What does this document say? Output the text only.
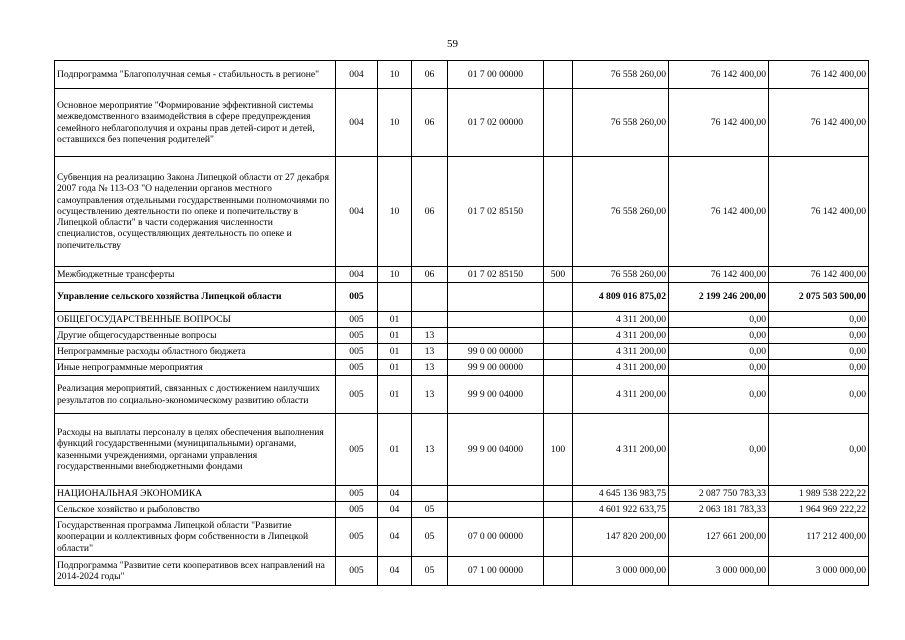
59
Подпрограмма "Благополучная семья - стабильность в регионе"	004	10	06	01 7 00 00000		76 558 260,00	76 142 400,00	76 142 400,00
Основное мероприятие "Формирование эффективной системы межведомственного взаимодействия в сфере предупреждения семейного неблагополучия и охраны прав детей-сирот и детей, оставшихся без попечения родителей"	004	10	06	01 7 02 00000		76 558 260,00	76 142 400,00	76 142 400,00
Субвенция на реализацию Закона Липецкой области от 27 декабря 2007 года № 113-ОЗ "О наделении органов местного самоуправления отдельными государственными полномочиями по осуществлению деятельности по опеке и попечительству в Липецкой области" в части содержания численности специалистов, осуществляющих деятельность по опеке и попечительству	004	10	06	01 7 02 85150		76 558 260,00	76 142 400,00	76 142 400,00
Межбюджетные трансферты	004	10	06	01 7 02 85150	500	76 558 260,00	76 142 400,00	76 142 400,00
Управление сельского хозяйства Липецкой области	005					4 809 016 875,02	2 199 246 200,00	2 075 503 500,00
ОБЩЕГОСУДАРСТВЕННЫЕ ВОПРОСЫ	005	01				4 311 200,00	0,00	0,00
Другие общегосударственные вопросы	005	01	13			4 311 200,00	0,00	0,00
Непрограммные расходы областного бюджета	005	01	13	99 0 00 00000		4 311 200,00	0,00	0,00
Иные непрограммные мероприятия	005	01	13	99 9 00 00000		4 311 200,00	0,00	0,00
Реализация мероприятий, связанных с достижением наилучших результатов по социально-экономическому развитию области	005	01	13	99 9 00 04000		4 311 200,00	0,00	0,00
Расходы на выплаты персоналу в целях обеспечения выполнения функций государственными (муниципальными) органами, казенными учреждениями, органами управления государственными внебюджетными фондами	005	01	13	99 9 00 04000	100	4 311 200,00	0,00	0,00
НАЦИОНАЛЬНАЯ ЭКОНОМИКА	005	04				4 645 136 983,75	2 087 750 783,33	1 989 538 222,22
Сельское хозяйство и рыболовство	005	04	05			4 601 922 633,75	2 063 181 783,33	1 964 969 222,22
Государственная программа Липецкой области "Развитие кооперации и коллективных форм собственности в Липецкой области"	005	04	05	07 0 00 00000		147 820 200,00	127 661 200,00	117 212 400,00
Подпрограмма "Развитие сети кооперативов всех направлений на 2014-2024 годы"	005	04	05	07 1 00 00000		3 000 000,00	3 000 000,00	3 000 000,00
